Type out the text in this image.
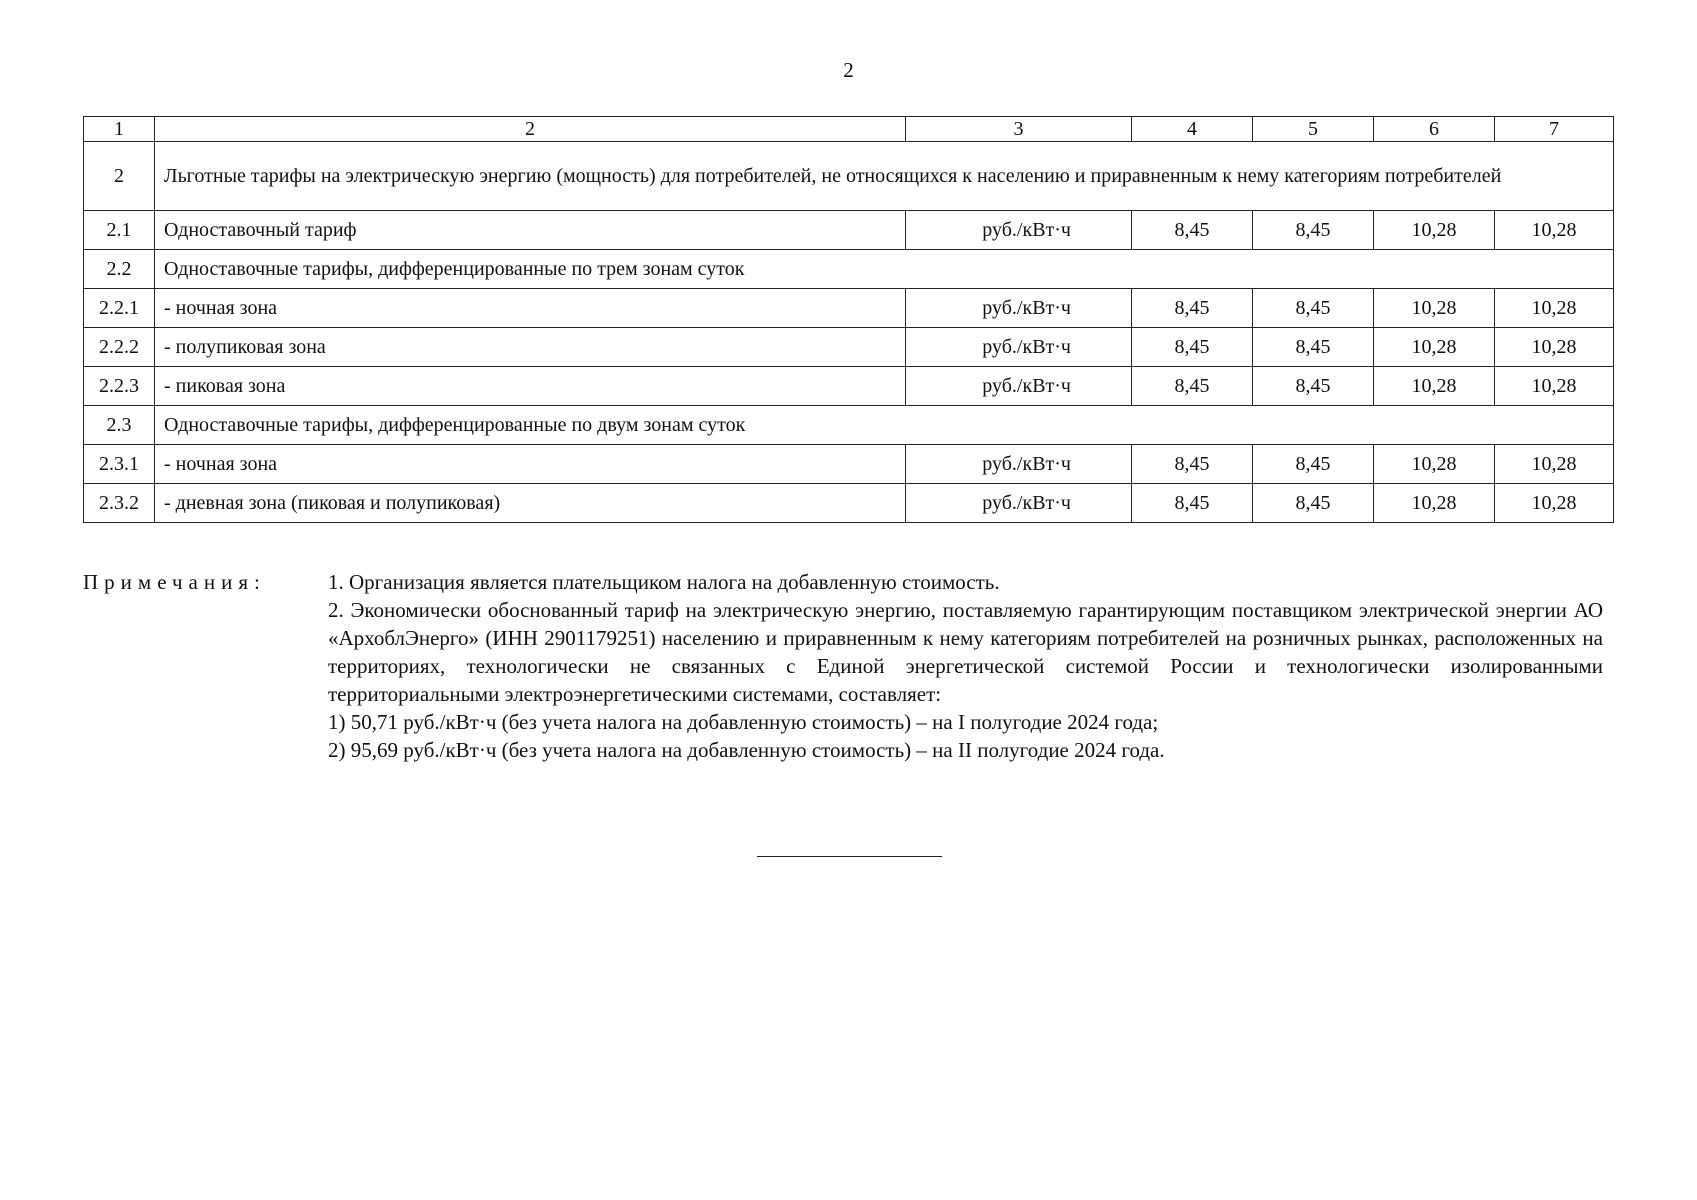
2
1	2	3	4	5	6	7
2	Льготные тарифы на электрическую энергию (мощность) для потребителей, не относящихся к населению и приравненным к нему категориям потребителей					
2.1	Одноставочный тариф	руб./кВт·ч	8,45	8,45	10,28	10,28
2.2	Одноставочные тарифы, дифференцированные по трем зонам суток					
2.2.1	- ночная зона	руб./кВт·ч	8,45	8,45	10,28	10,28
2.2.2	- полупиковая зона	руб./кВт·ч	8,45	8,45	10,28	10,28
2.2.3	- пиковая зона	руб./кВт·ч	8,45	8,45	10,28	10,28
2.3	Одноставочные тарифы, дифференцированные по двум зонам суток					
2.3.1	- ночная зона	руб./кВт·ч	8,45	8,45	10,28	10,28
2.3.2	- дневная зона (пиковая и полупиковая)	руб./кВт·ч	8,45	8,45	10,28	10,28
Примечания:	1. Организация является плательщиком налога на добавленную стоимость.

2. Экономически обоснованный тариф на электрическую энергию, поставляемую гарантирующим поставщиком электрической энергии АО «АрхоблЭнерго» (ИНН 2901179251) населению и приравненным к нему категориям потребителей на розничных рынках, расположенных на территориях, технологически не связанных с Единой энергетической системой России и технологически изолированными территориальными электроэнергетическими системами, составляет:

1) 50,71 руб./кВт·ч (без учета налога на добавленную стоимость) – на I полугодие 2024 года;

2) 95,69 руб./кВт·ч (без учета налога на добавленную стоимость) – на II полугодие 2024 года.
